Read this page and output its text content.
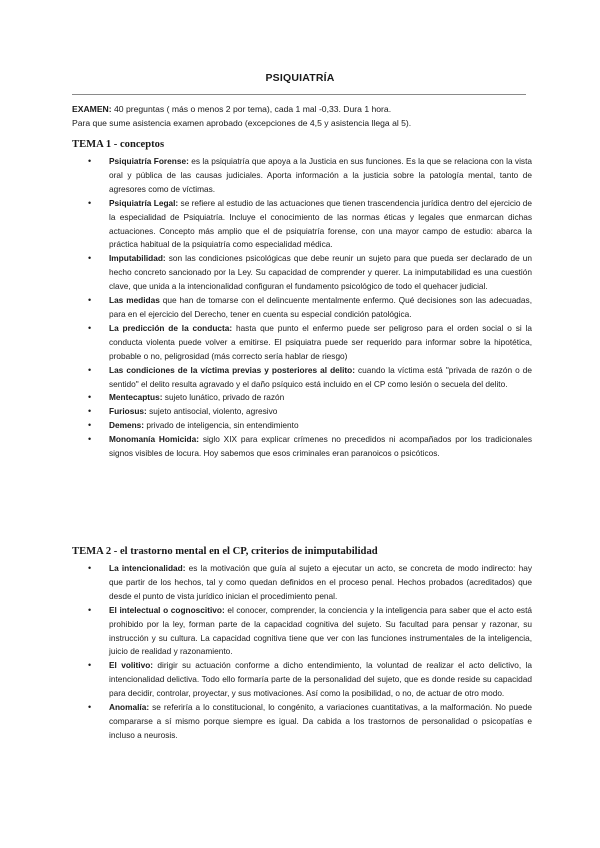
PSIQUIATRÍA
EXAMEN: 40 preguntas ( más o menos 2 por tema), cada 1 mal -0,33. Dura 1 hora.
Para que sume asistencia examen aprobado (excepciones de 4,5 y asistencia llega al 5).
TEMA 1 - conceptos
• Psiquiatría Forense: es la psiquiatría que apoya a la Justicia en sus funciones. Es la que se relaciona con la vista oral y pública de las causas judiciales. Aporta información a la justicia sobre la patología mental, tanto de agresores como de víctimas.
• Psiquiatría Legal: se refiere al estudio de las actuaciones que tienen trascendencia jurídica dentro del ejercicio de la especialidad de Psiquiatría. Incluye el conocimiento de las normas éticas y legales que enmarcan dichas actuaciones. Concepto más amplio que el de psiquiatría forense, con una mayor campo de estudio: abarca la práctica habitual de la psiquiatría como especialidad médica.
• Imputabilidad: son las condiciones psicológicas que debe reunir un sujeto para que pueda ser declarado de un hecho concreto sancionado por la Ley. Su capacidad de comprender y querer. La inimputabilidad es una cuestión clave, que unida a la intencionalidad configuran el fundamento psicológico de todo el quehacer judicial.
• Las medidas que han de tomarse con el delincuente mentalmente enfermo. Qué decisiones son las adecuadas, para en el ejercicio del Derecho, tener en cuenta su especial condición patológica.
• La predicción de la conducta: hasta que punto el enfermo puede ser peligroso para el orden social o si la conducta violenta puede volver a emitirse. El psiquiatra puede ser requerido para informar sobre la hipotética, probable o no, peligrosidad (más correcto sería hablar de riesgo)
• Las condiciones de la víctima previas y posteriores al delito: cuando la víctima está "privada de razón o de sentido" el delito resulta agravado y el daño psíquico está incluido en el CP como lesión o secuela del delito.
• Mentecaptus: sujeto lunático, privado de razón
• Furiosus: sujeto antisocial, violento, agresivo
• Demens: privado de inteligencia, sin entendimiento
• Monomanía Homicida: siglo XIX para explicar crímenes no precedidos ni acompañados por los tradicionales signos visibles de locura. Hoy sabemos que esos criminales eran paranoicos o psicóticos.
TEMA 2 - el trastorno mental en el CP, criterios de inimputabilidad
• La intencionalidad: es la motivación que guía al sujeto a ejecutar un acto, se concreta de modo indirecto: hay que partir de los hechos, tal y como quedan definidos en el proceso penal. Hechos probados (acreditados) que desde el punto de vista jurídico inician el procedimiento penal.
• El intelectual o cognoscitivo: el conocer, comprender, la conciencia y la inteligencia para saber que el acto está prohibido por la ley, forman parte de la capacidad cognitiva del sujeto. Su facultad para pensar y razonar, su instrucción y su cultura. La capacidad cognitiva tiene que ver con las funciones instrumentales de la inteligencia, juicio de realidad y razonamiento.
• El volitivo: dirigir su actuación conforme a dicho entendimiento, la voluntad de realizar el acto delictivo, la intencionalidad delictiva. Todo ello formaría parte de la personalidad del sujeto, que es donde reside su capacidad para decidir, controlar, proyectar, y sus motivaciones. Así como la posibilidad, o no, de actuar de otro modo.
• Anomalía: se referiría a lo constitucional, lo congénito, a variaciones cuantitativas, a la malformación. No puede compararse a sí mismo porque siempre es igual. Da cabida a los trastornos de personalidad o psicopatías e incluso a neurosis.
